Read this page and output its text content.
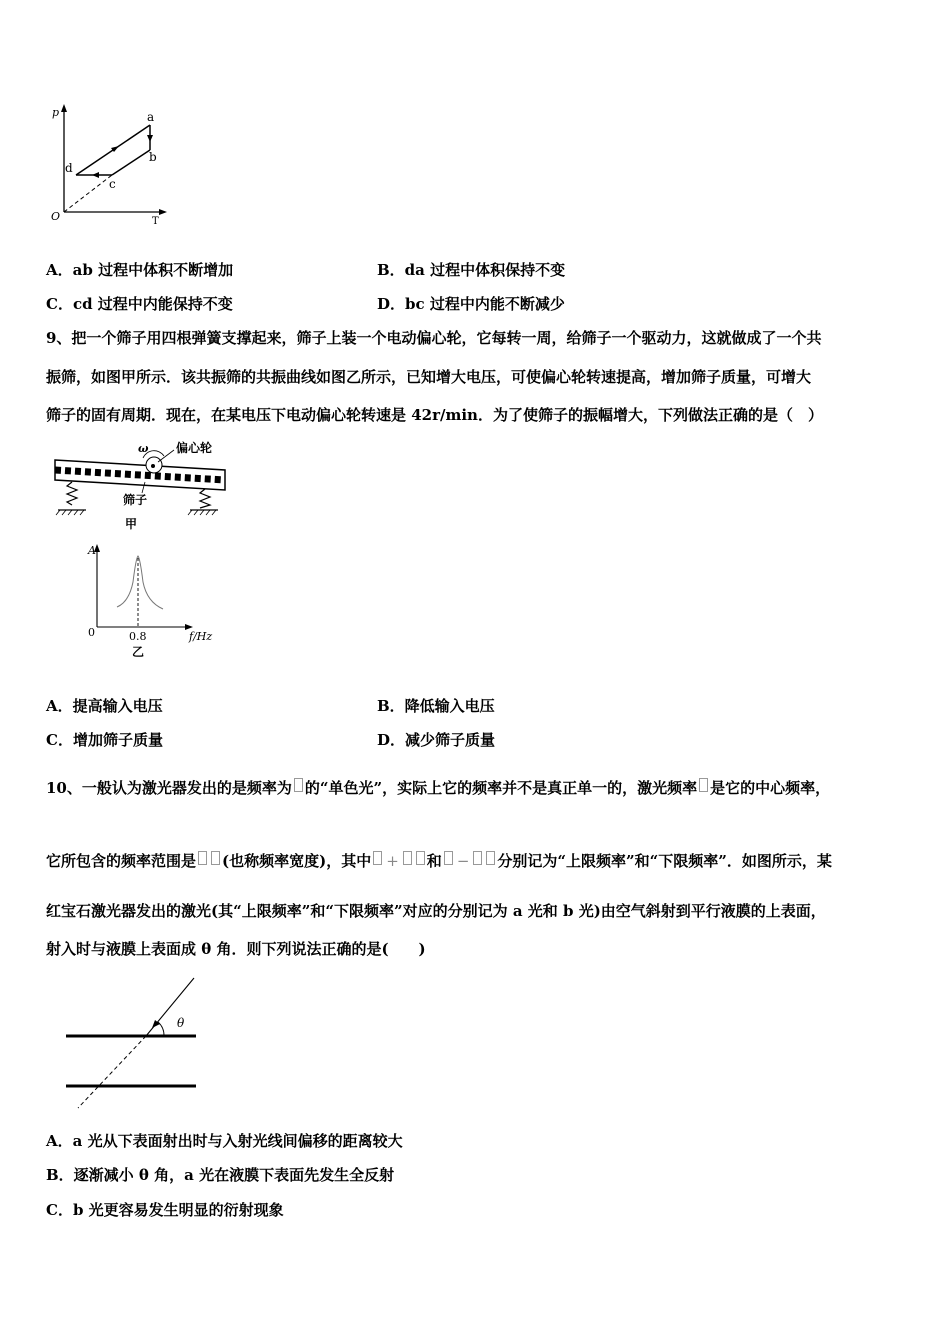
p
T
O
a
b
c
d
A．ab 过程中体积不断增加	B．da 过程中体积保持不变
C．cd 过程中内能保持不变	D．bc 过程中内能不断减少
9、把一个筛子用四根弹簧支撑起来，筛子上装一个电动偏心轮，它每转一周，给筛子一个驱动力，这就做成了一个共
振筛，如图甲所示．该共振筛的共振曲线如图乙所示，已知增大电压，可使偏心轮转速提高，增加筛子质量，可增大
筛子的固有周期．现在，在某电压下电动偏心轮转速是 42r/min．为了使筛子的振幅增大，下列做法正确的是（　）
ω 偏心轮
筛子
甲
A
0	0.8	f/Hz
乙
A．提高输入电压	B．降低输入电压
C．增加筛子质量	D．减少筛子质量
10、一般认为激光器发出的是频率为 的“单色光”，实际上它的频率并不是真正单一的，激光频率 是它的中心频率，
它所包含的频率范围是 (也称频率宽度)，其中 + 和 − 分别记为“上限频率”和“下限频率”．如图所示，某
红宝石激光器发出的激光(其“上限频率”和“下限频率”对应的分别记为 a 光和 b 光)由空气斜射到平行液膜的上表面，
射入时与液膜上表面成 θ 角．则下列说法正确的是(　　)
θ
A．a 光从下表面射出时与入射光线间偏移的距离较大
B．逐渐减小 θ 角，a 光在液膜下表面先发生全反射
C．b 光更容易发生明显的衍射现象
